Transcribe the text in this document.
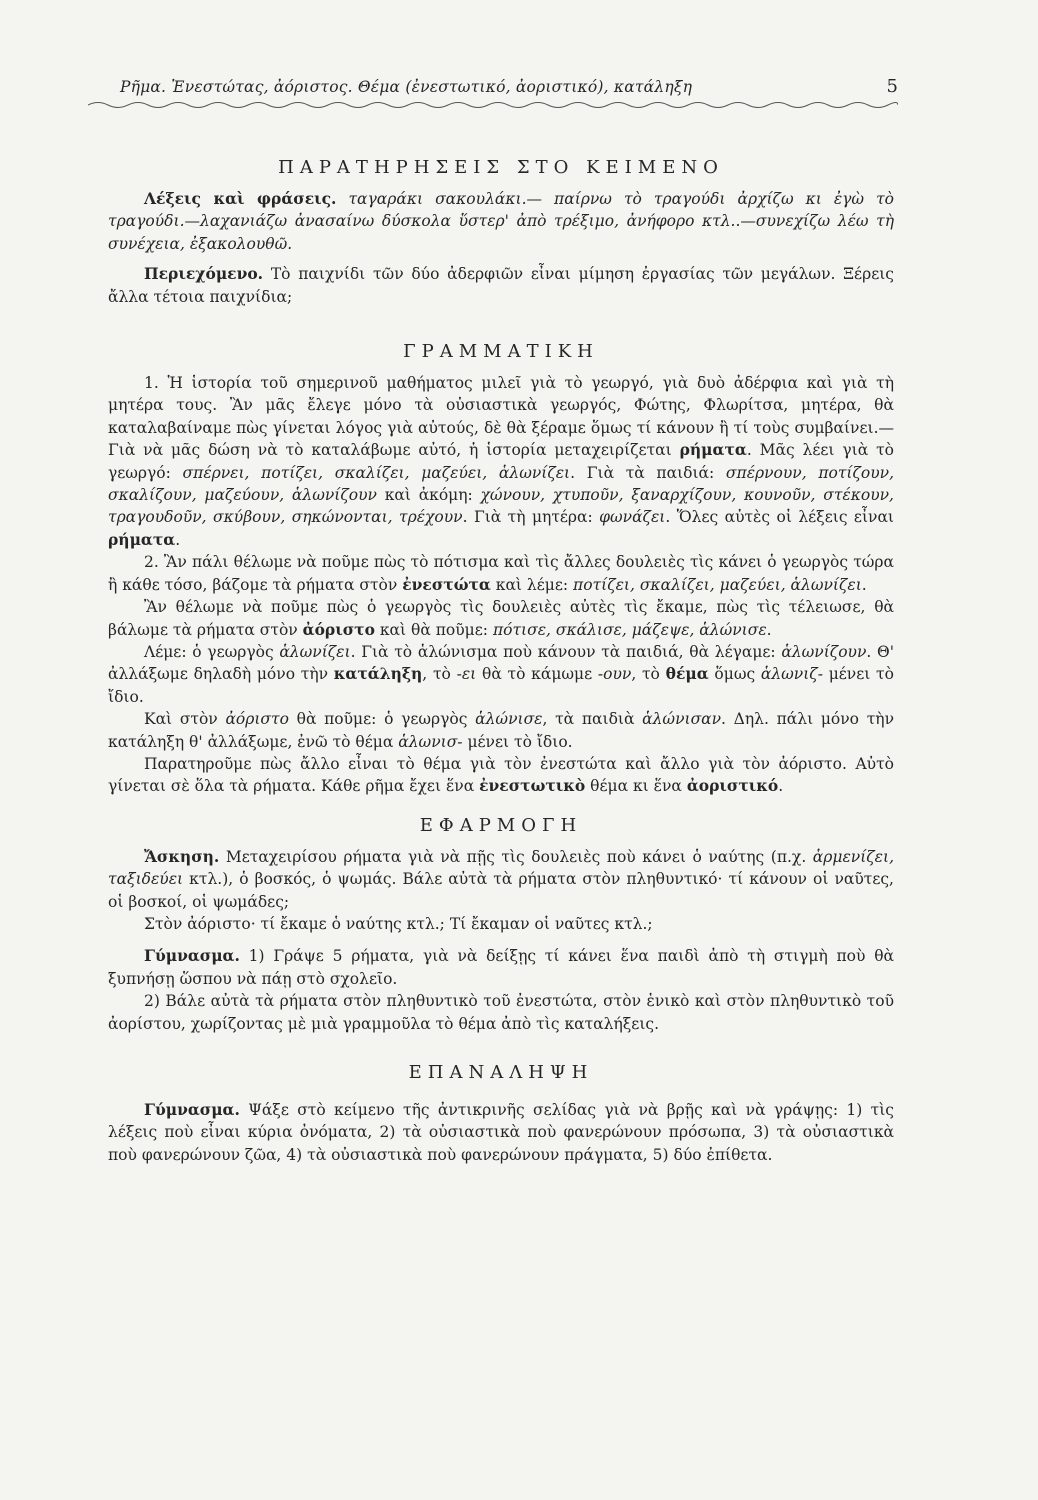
Ρῆμα. Ἐνεστώτας, ἀόριστος. Θέμα (ἐνεστωτικό, ἀοριστικό), κατάληξη	5
ΠΑΡΑΤΗΡΗΣΕΙΣ ΣΤΟ ΚΕΙΜΕΝΟ

Λέξεις καὶ φράσεις. ταγαράκι σακουλάκι.— παίρνω τὸ τραγούδι ἀρχίζω κι ἐγὼ τὸ τραγούδι.—λαχανιάζω ἀνασαίνω δύσκολα ὕστερ' ἀπὸ τρέξιμο, ἀνήφορο κτλ..—συνεχίζω λέω τὴ συνέχεια, ἐξακολουθῶ.

Περιεχόμενο. Τὸ παιχνίδι τῶν δύο ἀδερφιῶν εἶναι μίμηση ἐργασίας τῶν μεγάλων. Ξέρεις ἄλλα τέτοια παιχνίδια;

ΓΡΑΜΜΑΤΙΚΗ

1. Ἡ ἱστορία τοῦ σημερινοῦ μαθήματος μιλεῖ γιὰ τὸ γεωργό, γιὰ δυὸ ἀδέρφια καὶ γιὰ τὴ μητέρα τους. Ἂν μᾶς ἔλεγε μόνο τὰ οὐσιαστικὰ γεωργός, Φώτης, Φλωρίτσα, μητέρα, θὰ καταλαβαίναμε πὼς γίνεται λόγος γιὰ αὐτούς, δὲ θὰ ξέραμε ὅμως τί κάνουν ἢ τί τοὺς συμβαίνει.—Γιὰ νὰ μᾶς δώση νὰ τὸ καταλάβωμε αὐτό, ἡ ἱστορία μεταχειρίζεται ρήματα. Μᾶς λέει γιὰ τὸ γεωργό: σπέρνει, ποτίζει, σκαλίζει, μαζεύει, ἁλωνίζει. Γιὰ τὰ παιδιά: σπέρνουν, ποτίζουν, σκαλίζουν, μαζεύουν, ἁλωνίζουν καὶ ἀκόμη: χώνουν, χτυποῦν, ξαναρχίζουν, κουνοῦν, στέκουν, τραγουδοῦν, σκύβουν, σηκώνονται, τρέχουν. Γιὰ τὴ μητέρα: φωνάζει. Ὅλες αὐτὲς οἱ λέξεις εἶναι ρήματα.

2. Ἂν πάλι θέλωμε νὰ ποῦμε πὼς τὸ πότισμα καὶ τὶς ἄλλες δουλειὲς τὶς κάνει ὁ γεωργὸς τώρα ἢ κάθε τόσο, βάζομε τὰ ρήματα στὸν ἐνεστώτα καὶ λέμε: ποτίζει, σκαλίζει, μαζεύει, ἁλωνίζει.

Ἂν θέλωμε νὰ ποῦμε πὼς ὁ γεωργὸς τὶς δουλειὲς αὐτὲς τὶς ἔκαμε, πὼς τὶς τέλειωσε, θὰ βάλωμε τὰ ρήματα στὸν ἀόριστο καὶ θὰ ποῦμε: πότισε, σκάλισε, μάζεψε, ἁλώνισε.

Λέμε: ὁ γεωργὸς ἁλωνίζει. Γιὰ τὸ ἁλώνισμα ποὺ κάνουν τὰ παιδιά, θὰ λέγαμε: ἁλωνίζουν. Θ' ἀλλάξωμε δηλαδὴ μόνο τὴν κατάληξη, τὸ -ει θὰ τὸ κάμωμε -ουν, τὸ θέμα ὅμως ἁλωνιζ- μένει τὸ ἴδιο.

Καὶ στὸν ἀόριστο θὰ ποῦμε: ὁ γεωργὸς ἁλώνισε, τὰ παιδιὰ ἁλώνισαν. Δηλ. πάλι μόνο τὴν κατάληξη θ' ἀλλάξωμε, ἐνῶ τὸ θέμα ἁλωνισ- μένει τὸ ἴδιο.

Παρατηροῦμε πὼς ἄλλο εἶναι τὸ θέμα γιὰ τὸν ἐνεστώτα καὶ ἄλλο γιὰ τὸν ἀόριστο. Αὐτὸ γίνεται σὲ ὅλα τὰ ρήματα. Κάθε ρῆμα ἔχει ἕνα ἐνεστωτικὸ θέμα κι ἕνα ἀοριστικό.

ΕΦΑΡΜΟΓΗ

Ἄσκηση. Μεταχειρίσου ρήματα γιὰ νὰ πῇς τὶς δουλειὲς ποὺ κάνει ὁ ναύτης (π.χ. ἁρμενίζει, ταξιδεύει κτλ.), ὁ βοσκός, ὁ ψωμάς. Βάλε αὐτὰ τὰ ρήματα στὸν πληθυντικό· τί κάνουν οἱ ναῦτες, οἱ βοσκοί, οἱ ψωμάδες;

Στὸν ἀόριστο· τί ἔκαμε ὁ ναύτης κτλ.; Τί ἔκαμαν οἱ ναῦτες κτλ.;

Γύμνασμα. 1) Γράψε 5 ρήματα, γιὰ νὰ δείξῃς τί κάνει ἕνα παιδὶ ἀπὸ τὴ στιγμὴ ποὺ θὰ ξυπνήσῃ ὥσπου νὰ πάῃ στὸ σχολεῖο.

2) Βάλε αὐτὰ τὰ ρήματα στὸν πληθυντικὸ τοῦ ἐνεστώτα, στὸν ἑνικὸ καὶ στὸν πληθυντικὸ τοῦ ἀορίστου, χωρίζοντας μὲ μιὰ γραμμοῦλα τὸ θέμα ἀπὸ τὶς καταλήξεις.

ΕΠΑΝΑΛΗΨΗ

Γύμνασμα. Ψάξε στὸ κείμενο τῆς ἀντικρινῆς σελίδας γιὰ νὰ βρῇς καὶ νὰ γράψῃς: 1) τὶς λέξεις ποὺ εἶναι κύρια ὀνόματα, 2) τὰ οὐσιαστικὰ ποὺ φανερώνουν πρόσωπα, 3) τὰ οὐσιαστικὰ ποὺ φανερώνουν ζῶα, 4) τὰ οὐσιαστικὰ ποὺ φανερώνουν πράγματα, 5) δύο ἐπίθετα.
